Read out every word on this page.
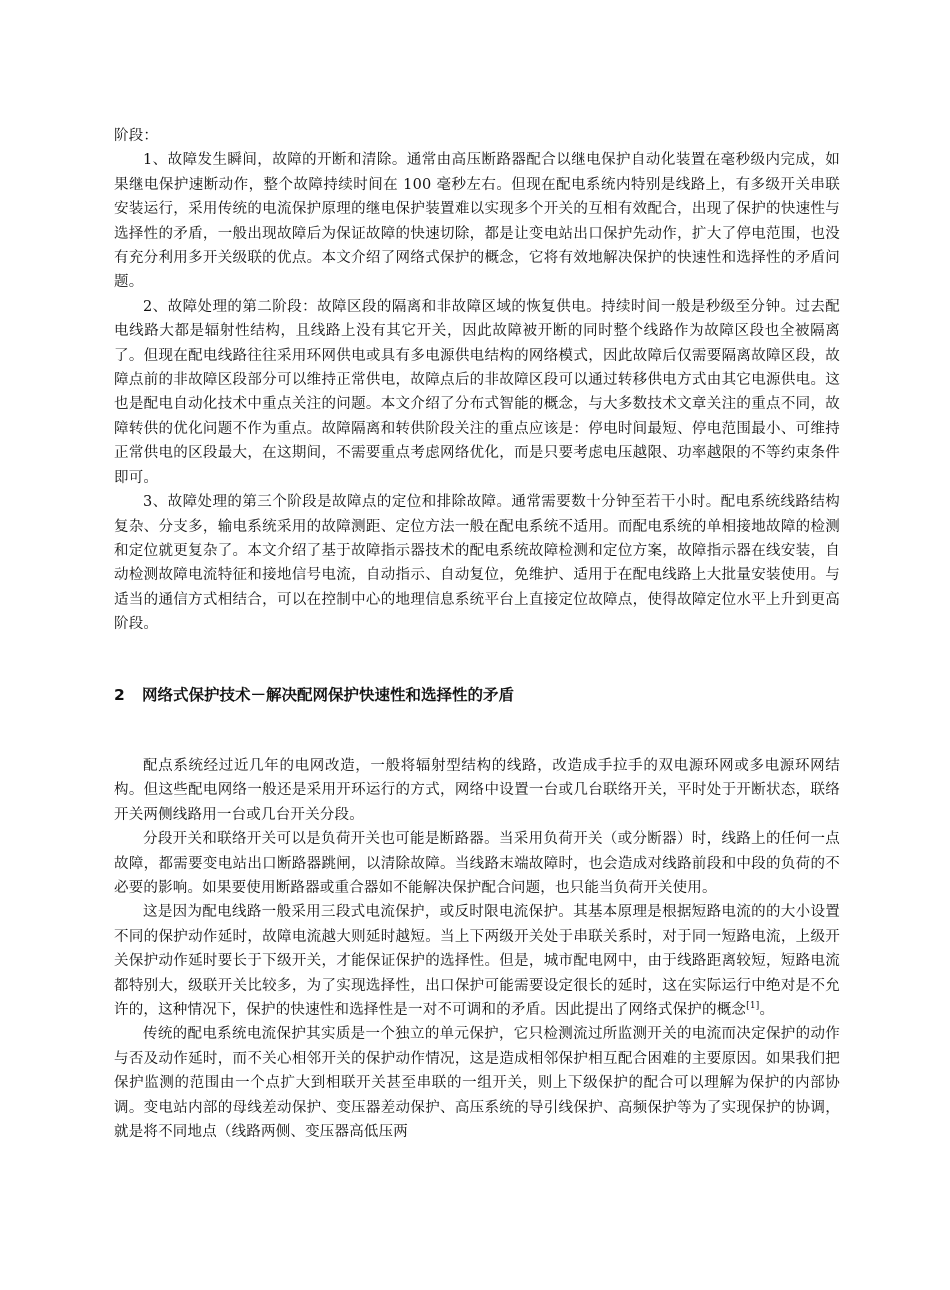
阶段：

1、故障发生瞬间，故障的开断和清除。通常由高压断路器配合以继电保护自动化装置在毫秒级内完成，如果继电保护速断动作，整个故障持续时间在 100 毫秒左右。但现在配电系统内特别是线路上，有多级开关串联安装运行，采用传统的电流保护原理的继电保护装置难以实现多个开关的互相有效配合，出现了保护的快速性与选择性的矛盾，一般出现故障后为保证故障的快速切除，都是让变电站出口保护先动作，扩大了停电范围，也没有充分利用多开关级联的优点。本文介绍了网络式保护的概念，它将有效地解决保护的快速性和选择性的矛盾问题。

2、故障处理的第二阶段：故障区段的隔离和非故障区域的恢复供电。持续时间一般是秒级至分钟。过去配电线路大都是辐射性结构，且线路上没有其它开关，因此故障被开断的同时整个线路作为故障区段也全被隔离了。但现在配电线路往往采用环网供电或具有多电源供电结构的网络模式，因此故障后仅需要隔离故障区段，故障点前的非故障区段部分可以维持正常供电，故障点后的非故障区段可以通过转移供电方式由其它电源供电。这也是配电自动化技术中重点关注的问题。本文介绍了分布式智能的概念，与大多数技术文章关注的重点不同，故障转供的优化问题不作为重点。故障隔离和转供阶段关注的重点应该是：停电时间最短、停电范围最小、可维持正常供电的区段最大，在这期间，不需要重点考虑网络优化，而是只要考虑电压越限、功率越限的不等约束条件即可。

3、故障处理的第三个阶段是故障点的定位和排除故障。通常需要数十分钟至若干小时。配电系统线路结构复杂、分支多，输电系统采用的故障测距、定位方法一般在配电系统不适用。而配电系统的单相接地故障的检测和定位就更复杂了。本文介绍了基于故障指示器技术的配电系统故障检测和定位方案，故障指示器在线安装，自动检测故障电流特征和接地信号电流，自动指示、自动复位，免维护、适用于在配电线路上大批量安装使用。与适当的通信方式相结合，可以在控制中心的地理信息系统平台上直接定位故障点，使得故障定位水平上升到更高阶段。

2 网络式保护技术－解决配网保护快速性和选择性的矛盾

配点系统经过近几年的电网改造，一般将辐射型结构的线路，改造成手拉手的双电源环网或多电源环网结构。但这些配电网络一般还是采用开环运行的方式，网络中设置一台或几台联络开关，平时处于开断状态，联络开关两侧线路用一台或几台开关分段。

分段开关和联络开关可以是负荷开关也可能是断路器。当采用负荷开关（或分断器）时，线路上的任何一点故障，都需要变电站出口断路器跳闸，以清除故障。当线路末端故障时，也会造成对线路前段和中段的负荷的不必要的影响。如果要使用断路器或重合器如不能解决保护配合问题，也只能当负荷开关使用。

这是因为配电线路一般采用三段式电流保护，或反时限电流保护。其基本原理是根据短路电流的的大小设置不同的保护动作延时，故障电流越大则延时越短。当上下两级开关处于串联关系时，对于同一短路电流，上级开关保护动作延时要长于下级开关，才能保证保护的选择性。但是，城市配电网中，由于线路距离较短，短路电流都特别大，级联开关比较多，为了实现选择性，出口保护可能需要设定很长的延时，这在实际运行中绝对是不允许的，这种情况下，保护的快速性和选择性是一对不可调和的矛盾。因此提出了网络式保护的概念[1]。

传统的配电系统电流保护其实质是一个独立的单元保护，它只检测流过所监测开关的电流而决定保护的动作与否及动作延时，而不关心相邻开关的保护动作情况，这是造成相邻保护相互配合困难的主要原因。如果我们把保护监测的范围由一个点扩大到相联开关甚至串联的一组开关，则上下级保护的配合可以理解为保护的内部协调。变电站内部的母线差动保护、变压器差动保护、高压系统的导引线保护、高频保护等为了实现保护的协调，就是将不同地点（线路两侧、变压器高低压两
